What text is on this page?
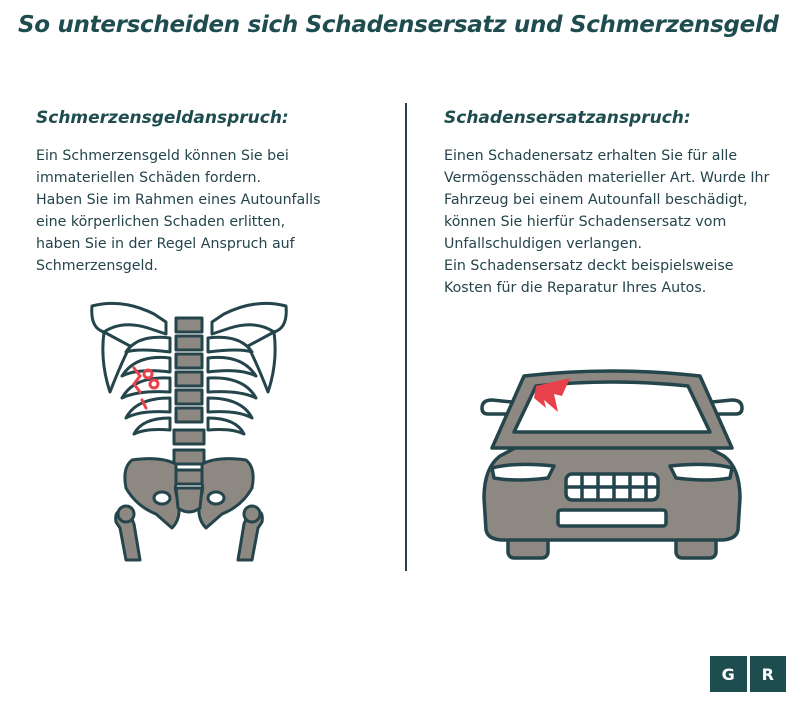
So unterscheiden sich Schadensersatz und Schmerzensgeld
Schmerzensgeldanspruch:

Ein Schmerzensgeld können Sie bei

immateriellen Schäden fordern.

Haben Sie im Rahmen eines Autounfalls

eine körperlichen Schaden erlitten,

haben Sie in der Regel Anspruch auf

Schmerzensgeld.

Schadensersatzanspruch:

Einen Schadenersatz erhalten Sie für alle

Vermögensschäden materieller Art. Wurde Ihr

Fahrzeug bei einem Autounfall beschädigt,

können Sie hierfür Schadensersatz vom

Unfallschuldigen verlangen.

Ein Schadensersatz deckt beispielsweise

Kosten für die Reparatur Ihres Autos.

G	R
